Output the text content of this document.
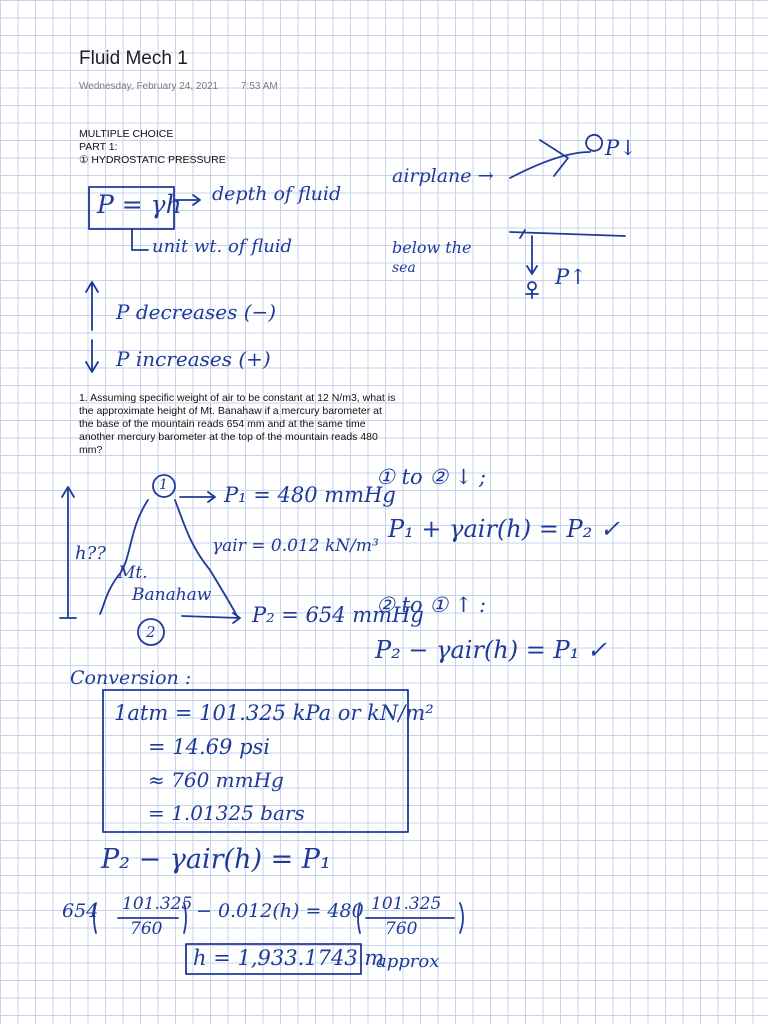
Fluid Mech 1
Wednesday, February 24, 2021 7:53 AM
MULTIPLE CHOICE
PART 1:
① HYDROSTATIC PRESSURE
1. Assuming specific weight of air to be constant at 12 N/m3, what is
the approximate height of Mt. Banahaw if a mercury barometer at
the base of the mountain reads 654 mm and at the same time
another mercury barometer at the top of the mountain reads 480
mm?
P = γh depth of fluid
unit wt. of fluid
airplane →
P↓
below the
sea	P↑
P decreases (−)
P increases (+)
1
2
P₁ = 480 mmHg
γair = 0.012 kN/m³
h??
Mt.
Banahaw
P₂ = 654 mmHg
① to ② ↓ ;
P₁ + γair(h) = P₂ ✓
② to ① ↑ :
P₂ − γair(h) = P₁ ✓
Conversion :
1atm = 101.325 kPa or kN/m²
= 14.69 psi
≈ 760 mmHg
= 1.01325 bars
P₂ − γair(h) = P₁
654 101.325
760
− 0.012(h) = 480 101.325
760
h = 1,933.1743 m
approx
